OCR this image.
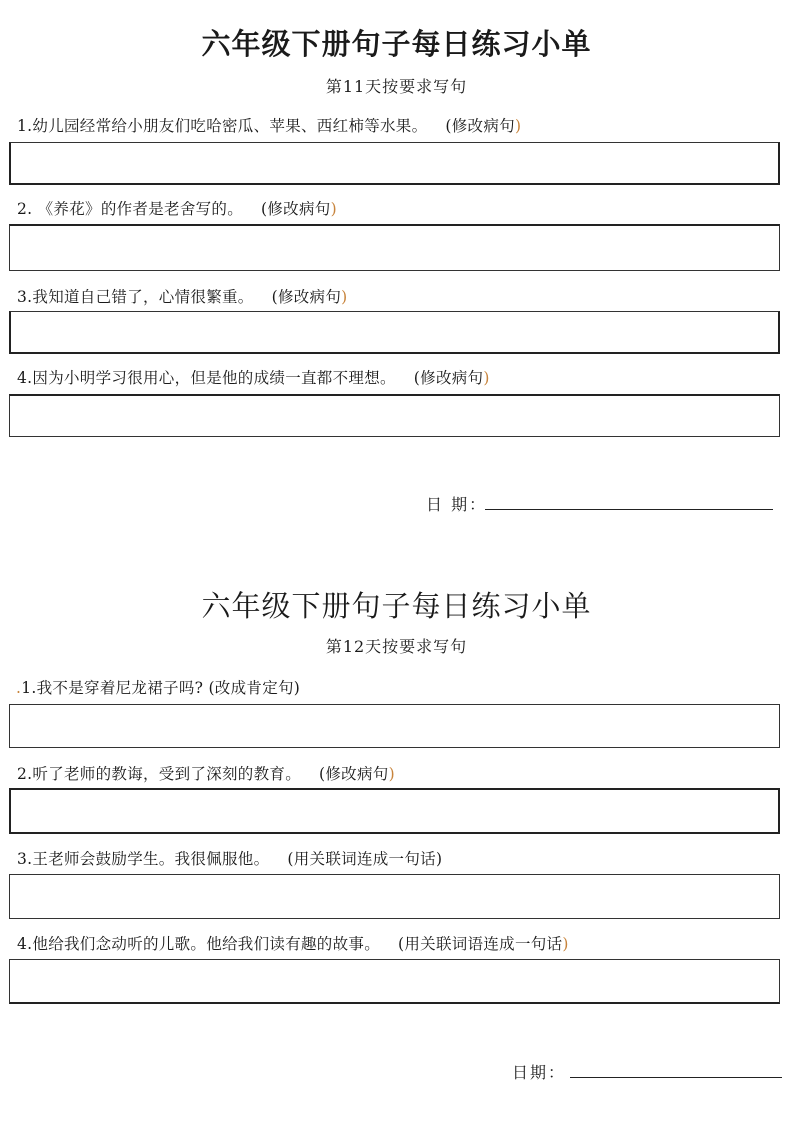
六年级下册句子每日练习小单
第11天按要求写句
1.幼儿园经常给小朋友们吃哈密瓜、苹果、西红柿等水果。 (修改病句)
2. 《养花》的作者是老舍写的。 (修改病句)
3.我知道自己错了，心情很繁重。 (修改病句)
4.因为小明学习很用心，但是他的成绩一直都不理想。 (修改病句)
日 期：
六年级下册句子每日练习小单
第12天按要求写句
.1.我不是穿着尼龙裙子吗? (改成肯定句)
2.听了老师的教诲，受到了深刻的教育。 (修改病句)
3.王老师会鼓励学生。我很佩服他。 (用关联词连成一句话)
4.他给我们念动听的儿歌。他给我们读有趣的故事。 (用关联词语连成一句话)
日期：
